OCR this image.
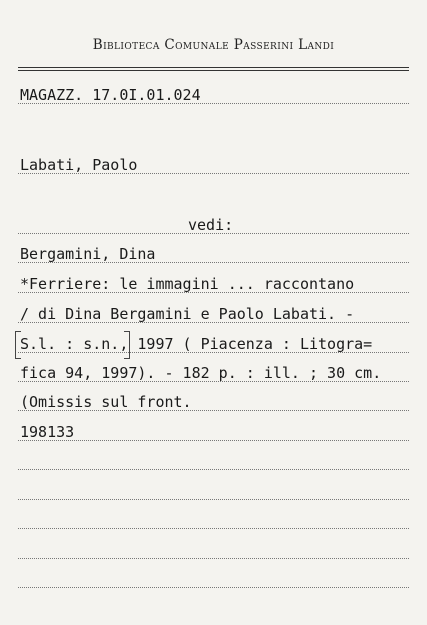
Biblioteca Comunale Passerini Landi
MAGAZZ. 17.0I.01.024
Labati, Paolo
vedi:
Bergamini, Dina
*Ferriere: le immagini ... raccontano
/ di Dina Bergamini e Paolo Labati. -
S.l. : s.n., 1997 ( Piacenza : Litogra=
fica 94, 1997). - 182 p. : ill. ; 30 cm.
(Omissis sul front.
198133
